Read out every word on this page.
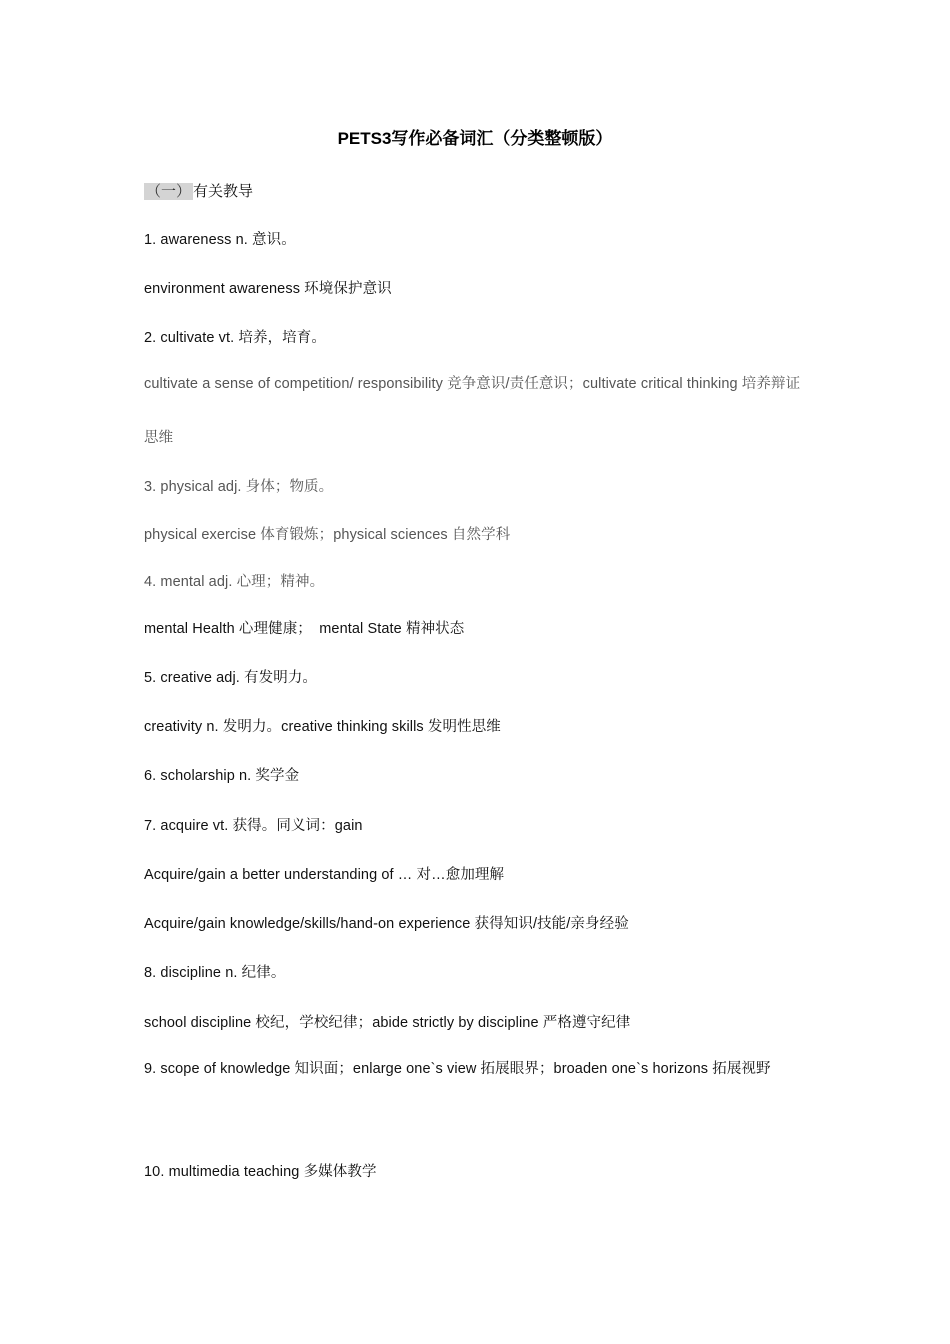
PETS3写作必备词汇（分类整顿版）
（一） 有关教导
1. awareness n. 意识。
environment awareness 环境保护意识
2. cultivate vt. 培养，培育。
cultivate a sense of competition/ responsibility 竞争意识/责任意识；cultivate critical thinking 培养辩证思维
3. physical adj. 身体；物质。
physical exercise 体育锻炼；physical sciences 自然学科
4. mental adj. 心理；精神。
mental Health 心理健康；　mental State 精神状态
5. creative adj. 有发明力。
creativity n. 发明力。creative thinking skills 发明性思维
6. scholarship n. 奖学金
7. acquire vt. 获得。同义词：gain
Acquire/gain a better understanding of … 对…愈加理解
Acquire/gain knowledge/skills/hand-on experience 获得知识/技能/亲身经验
8. discipline n. 纪律。
school discipline 校纪，学校纪律；abide strictly by discipline 严格遵守纪律
9. scope of knowledge 知识面；enlarge one`s view 拓展眼界；broaden one`s horizons 拓展视野
10. multimedia teaching 多媒体教学
